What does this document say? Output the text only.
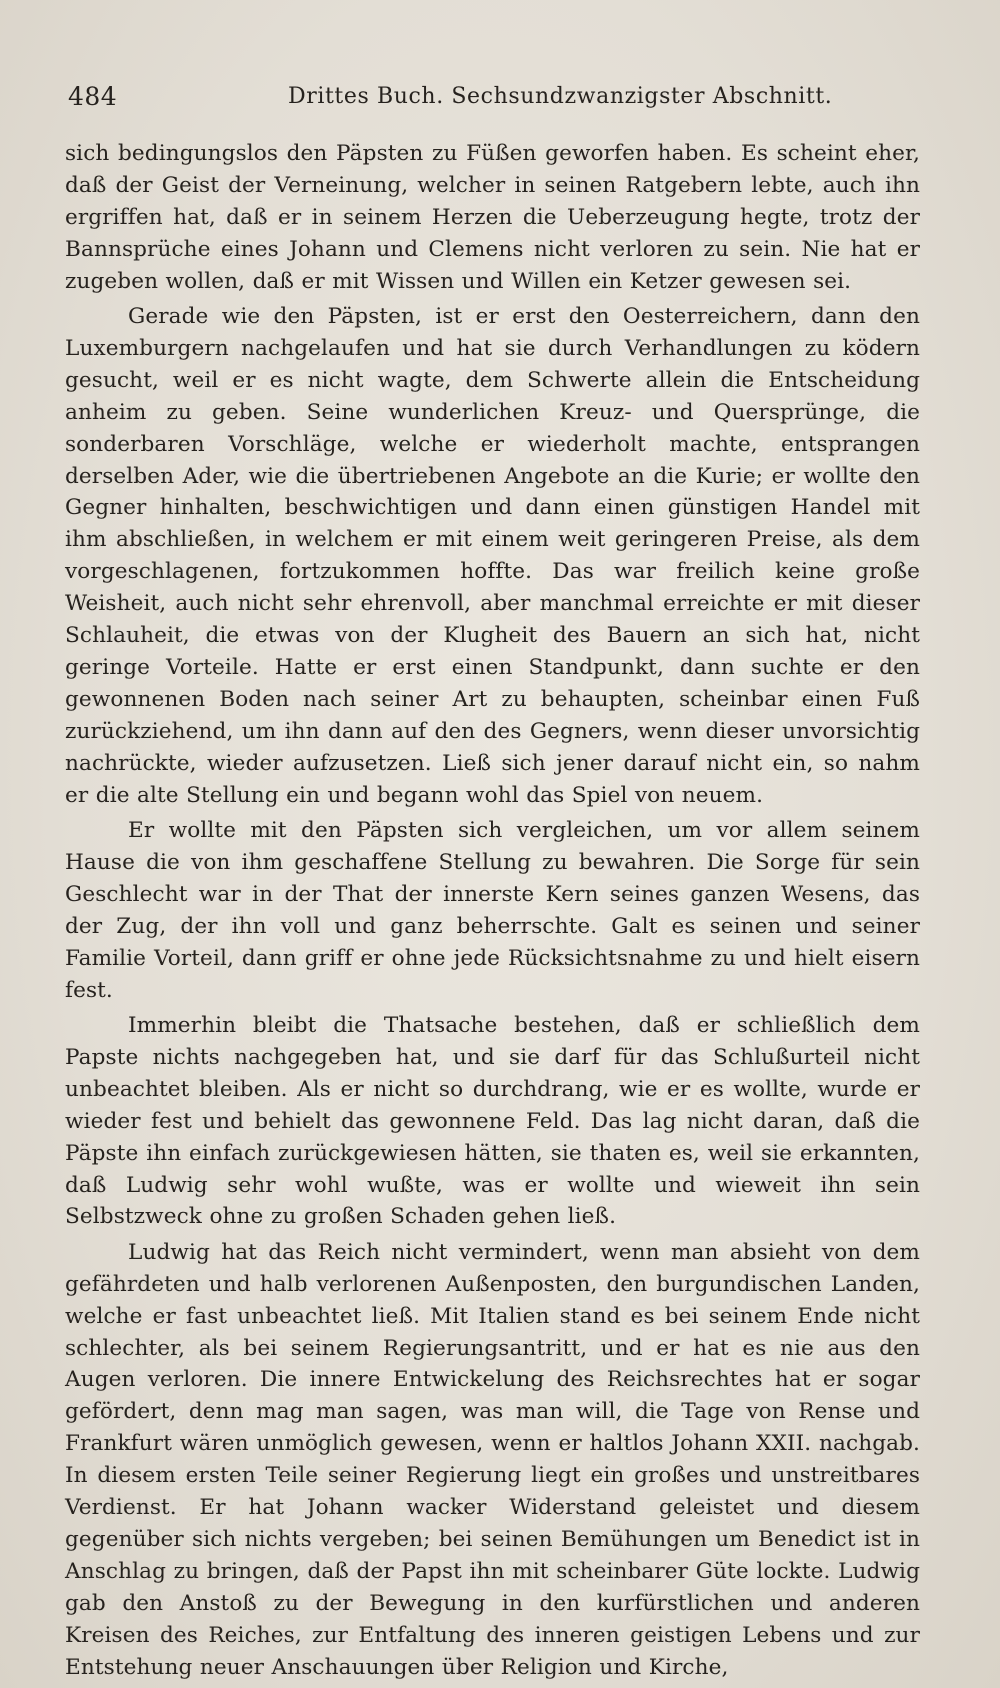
484	Drittes Buch. Sechsundzwanzigster Abschnitt.

sich bedingungslos den Päpsten zu Füßen geworfen haben. Es scheint eher, daß der Geist der Verneinung, welcher in seinen Ratgebern lebte, auch ihn ergriffen hat, daß er in seinem Herzen die Ueberzeugung hegte, trotz der Bannsprüche eines Johann und Clemens nicht verloren zu sein. Nie hat er zugeben wollen, daß er mit Wissen und Willen ein Ketzer gewesen sei.

Gerade wie den Päpsten, ist er erst den Oesterreichern, dann den Luxemburgern nachgelaufen und hat sie durch Verhandlungen zu ködern gesucht, weil er es nicht wagte, dem Schwerte allein die Entscheidung anheim zu geben. Seine wunderlichen Kreuz- und Quersprünge, die sonderbaren Vorschläge, welche er wiederholt machte, entsprangen derselben Ader, wie die übertriebenen Angebote an die Kurie; er wollte den Gegner hinhalten, beschwichtigen und dann einen günstigen Handel mit ihm abschließen, in welchem er mit einem weit geringeren Preise, als dem vorgeschlagenen, fortzukommen hoffte. Das war freilich keine große Weisheit, auch nicht sehr ehrenvoll, aber manchmal erreichte er mit dieser Schlauheit, die etwas von der Klugheit des Bauern an sich hat, nicht geringe Vorteile. Hatte er erst einen Standpunkt, dann suchte er den gewonnenen Boden nach seiner Art zu behaupten, scheinbar einen Fuß zurückziehend, um ihn dann auf den des Gegners, wenn dieser unvorsichtig nachrückte, wieder aufzusetzen. Ließ sich jener darauf nicht ein, so nahm er die alte Stellung ein und begann wohl das Spiel von neuem.

Er wollte mit den Päpsten sich vergleichen, um vor allem seinem Hause die von ihm geschaffene Stellung zu bewahren. Die Sorge für sein Geschlecht war in der That der innerste Kern seines ganzen Wesens, das der Zug, der ihn voll und ganz beherrschte. Galt es seinen und seiner Familie Vorteil, dann griff er ohne jede Rücksichtsnahme zu und hielt eisern fest.

Immerhin bleibt die Thatsache bestehen, daß er schließlich dem Papste nichts nachgegeben hat, und sie darf für das Schlußurteil nicht unbeachtet bleiben. Als er nicht so durchdrang, wie er es wollte, wurde er wieder fest und behielt das gewonnene Feld. Das lag nicht daran, daß die Päpste ihn einfach zurückgewiesen hätten, sie thaten es, weil sie erkannten, daß Ludwig sehr wohl wußte, was er wollte und wieweit ihn sein Selbstzweck ohne zu großen Schaden gehen ließ.

Ludwig hat das Reich nicht vermindert, wenn man absieht von dem gefährdeten und halb verlorenen Außenposten, den burgundischen Landen, welche er fast unbeachtet ließ. Mit Italien stand es bei seinem Ende nicht schlechter, als bei seinem Regierungsantritt, und er hat es nie aus den Augen verloren. Die innere Entwickelung des Reichsrechtes hat er sogar gefördert, denn mag man sagen, was man will, die Tage von Rense und Frankfurt wären unmöglich gewesen, wenn er haltlos Johann XXII. nachgab. In diesem ersten Teile seiner Regierung liegt ein großes und unstreitbares Verdienst. Er hat Johann wacker Widerstand geleistet und diesem gegenüber sich nichts vergeben; bei seinen Bemühungen um Benedict ist in Anschlag zu bringen, daß der Papst ihn mit scheinbarer Güte lockte. Ludwig gab den Anstoß zu der Bewegung in den kurfürstlichen und anderen Kreisen des Reiches, zur Entfaltung des inneren geistigen Lebens und zur Entstehung neuer Anschauungen über Religion und Kirche,
